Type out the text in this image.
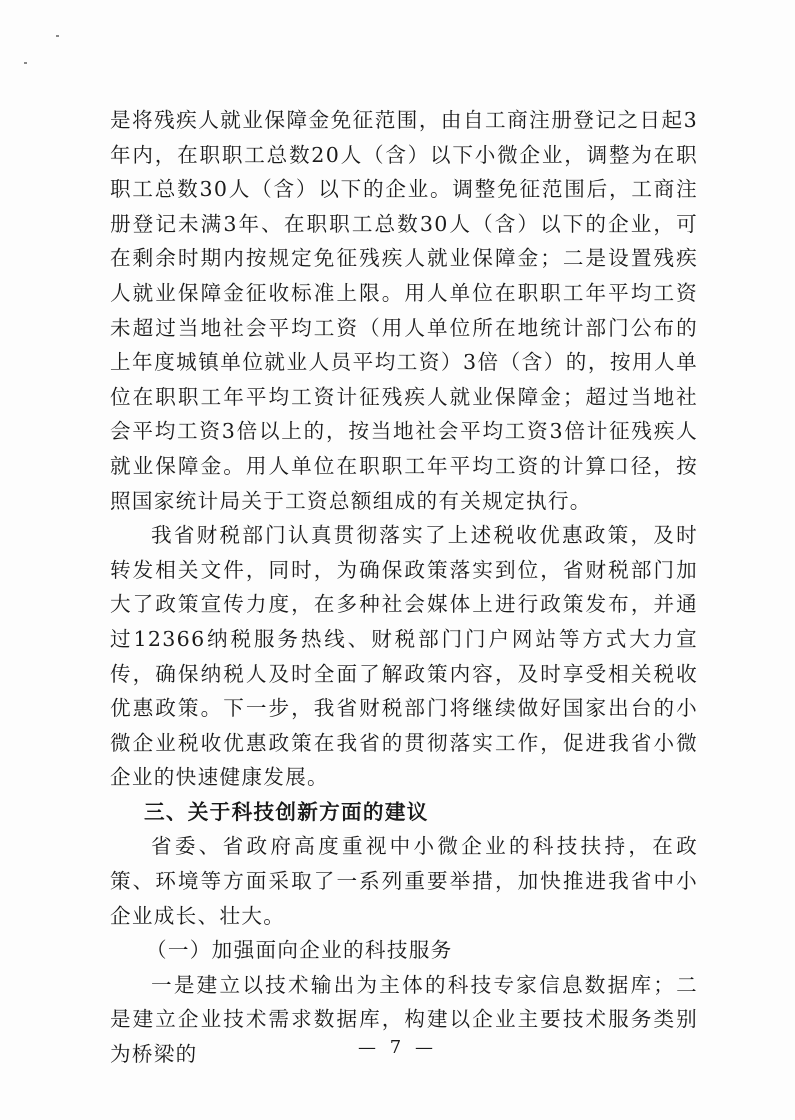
是将残疾人就业保障金免征范围，由自工商注册登记之日起3年内，在职职工总数20人（含）以下小微企业，调整为在职职工总数30人（含）以下的企业。调整免征范围后，工商注册登记未满3年、在职职工总数30人（含）以下的企业，可在剩余时期内按规定免征残疾人就业保障金；二是设置残疾人就业保障金征收标准上限。用人单位在职职工年平均工资未超过当地社会平均工资（用人单位所在地统计部门公布的上年度城镇单位就业人员平均工资）3倍（含）的，按用人单位在职职工年平均工资计征残疾人就业保障金；超过当地社会平均工资3倍以上的，按当地社会平均工资3倍计征残疾人就业保障金。用人单位在职职工年平均工资的计算口径，按照国家统计局关于工资总额组成的有关规定执行。

我省财税部门认真贯彻落实了上述税收优惠政策，及时转发相关文件，同时，为确保政策落实到位，省财税部门加大了政策宣传力度，在多种社会媒体上进行政策发布，并通过12366纳税服务热线、财税部门门户网站等方式大力宣传，确保纳税人及时全面了解政策内容，及时享受相关税收优惠政策。下一步，我省财税部门将继续做好国家出台的小微企业税收优惠政策在我省的贯彻落实工作，促进我省小微企业的快速健康发展。

三、关于科技创新方面的建议

省委、省政府高度重视中小微企业的科技扶持，在政策、环境等方面采取了一系列重要举措，加快推进我省中小企业成长、壮大。

（一）加强面向企业的科技服务

一是建立以技术输出为主体的科技专家信息数据库；二是建立企业技术需求数据库，构建以企业主要技术服务类别为桥梁的	— 7 —
